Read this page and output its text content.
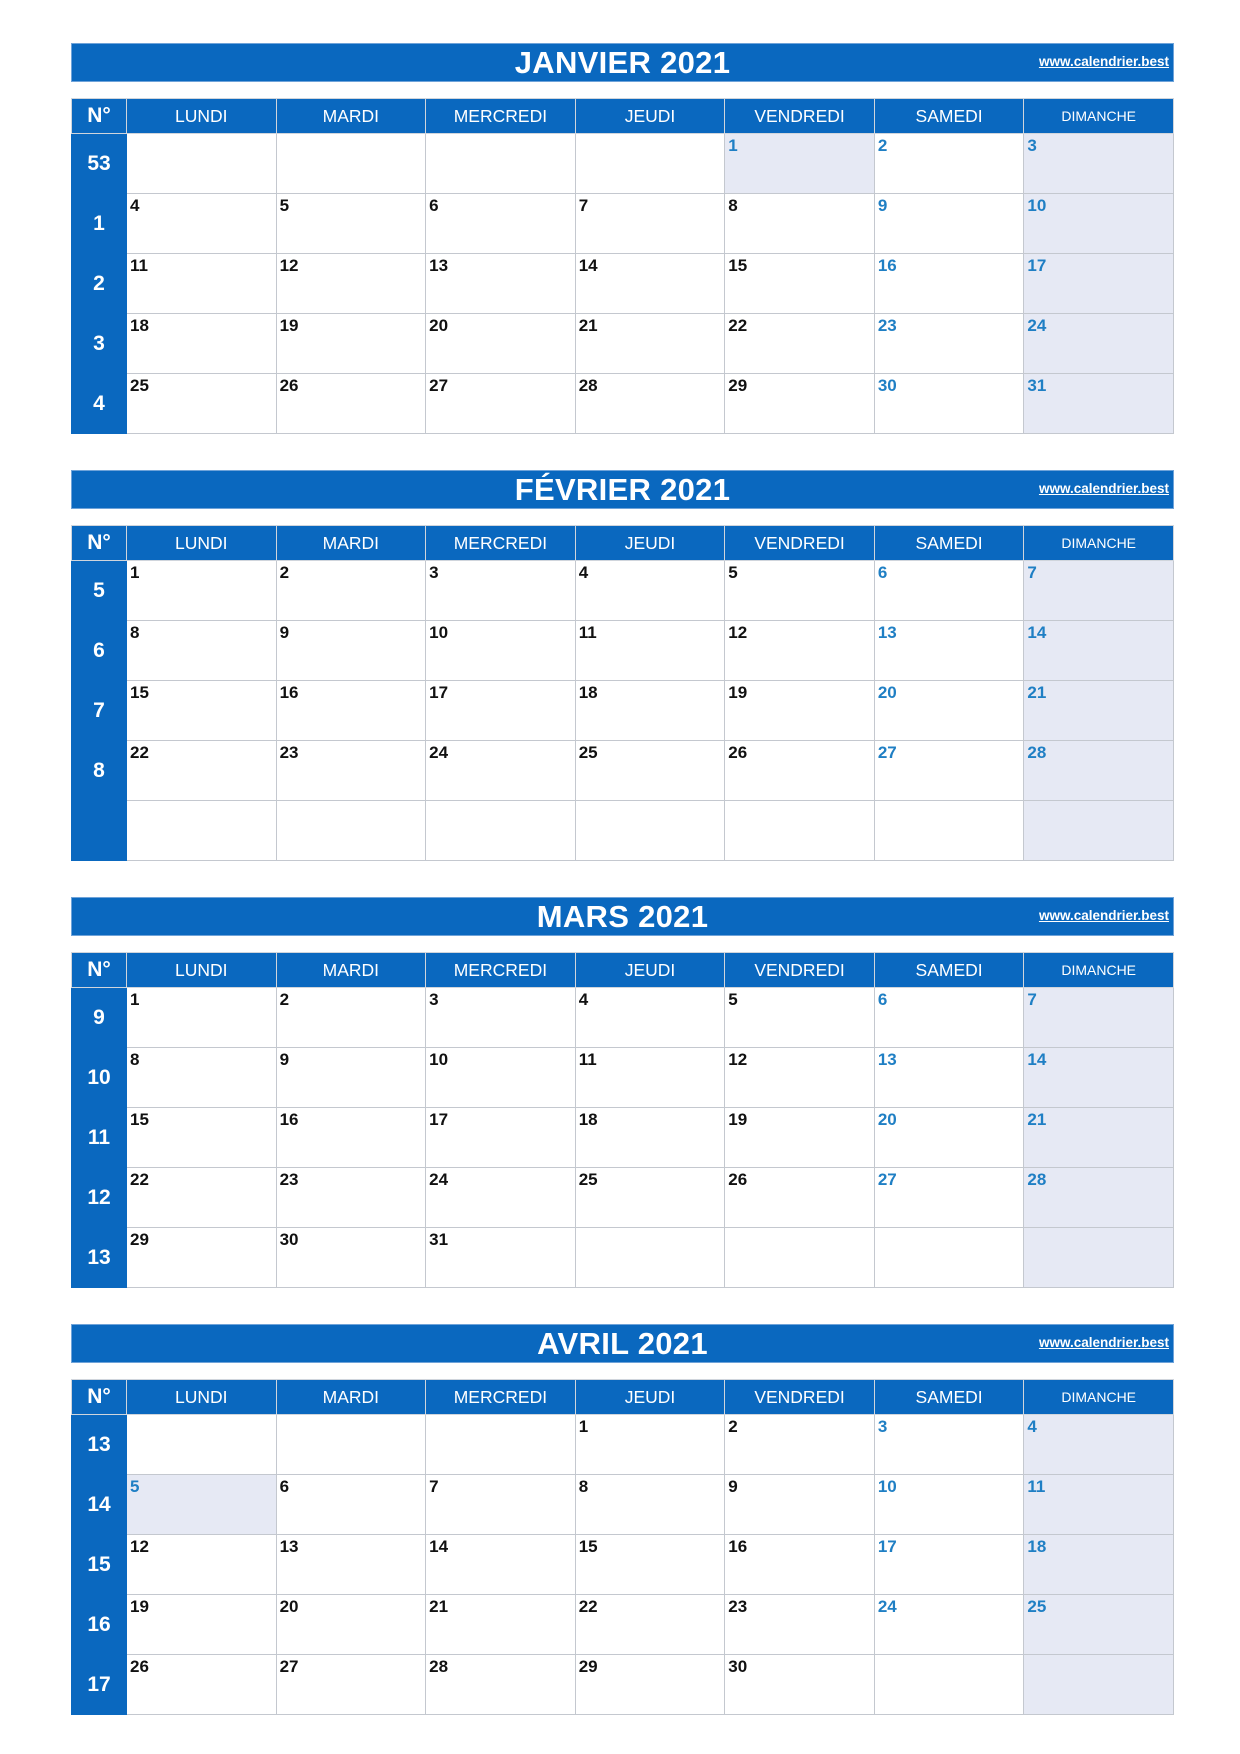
JANVIER 2021	www.calendrier.best
N°	LUNDI	MARDI	MERCREDI	JEUDI	VENDREDI	SAMEDI	DIMANCHE
53					1	2	3

1	4	5	6	7	8	9	10

2	11	12	13	14	15	16	17

3	18	19	20	21	22	23	24

4	25	26	27	28	29	30	31
FÉVRIER 2021	www.calendrier.best
N°	LUNDI	MARDI	MERCREDI	JEUDI	VENDREDI	SAMEDI	DIMANCHE
5	1	2	3	4	5	6	7

6	8	9	10	11	12	13	14

7	15	16	17	18	19	20	21

8	22	23	24	25	26	27	28

MARS 2021	www.calendrier.best
N°	LUNDI	MARDI	MERCREDI	JEUDI	VENDREDI	SAMEDI	DIMANCHE
9	1	2	3	4	5	6	7

10	8	9	10	11	12	13	14

11	15	16	17	18	19	20	21

12	22	23	24	25	26	27	28

13	29	30	31				

AVRIL 2021	www.calendrier.best
N°	LUNDI	MARDI	MERCREDI	JEUDI	VENDREDI	SAMEDI	DIMANCHE
13				1	2	3	4

14	5	6	7	8	9	10	11

15	12	13	14	15	16	17	18

16	19	20	21	22	23	24	25

17	26	27	28	29	30		
